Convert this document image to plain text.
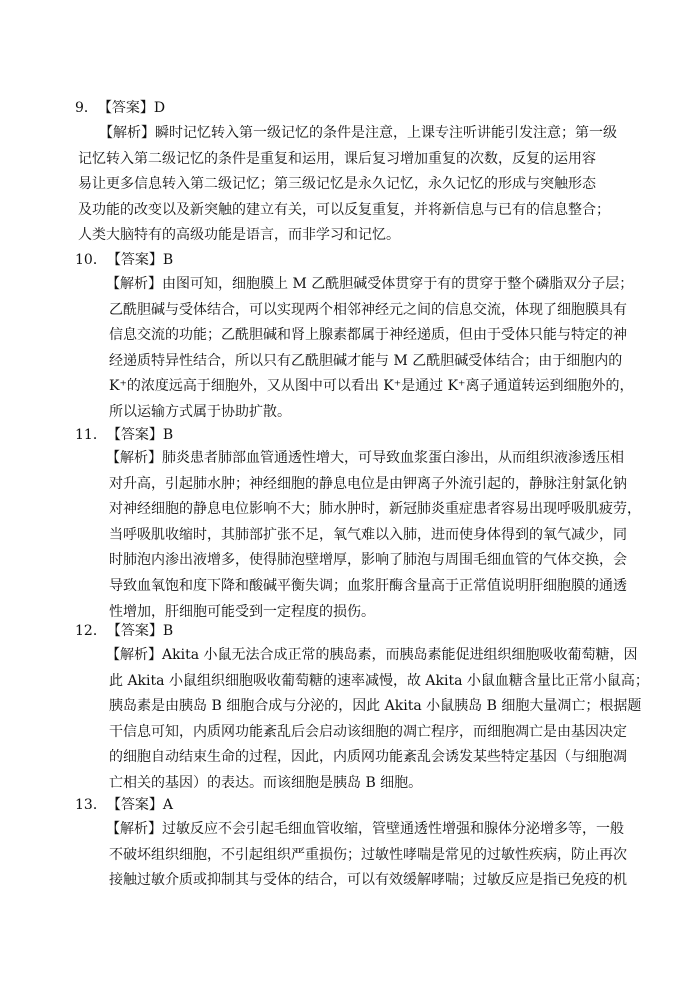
9．【答案】D
【解析】瞬时记忆转入第一级记忆的条件是注意，上课专注听讲能引发注意；第一级
记忆转入第二级记忆的条件是重复和运用，课后复习增加重复的次数，反复的运用容
易让更多信息转入第二级记忆；第三级记忆是永久记忆，永久记忆的形成与突触形态
及功能的改变以及新突触的建立有关，可以反复重复，并将新信息与已有的信息整合；
人类大脑特有的高级功能是语言，而非学习和记忆。
10．【答案】B
【解析】由图可知，细胞膜上 M 乙酰胆碱受体贯穿于有的贯穿于整个磷脂双分子层；
乙酰胆碱与受体结合，可以实现两个相邻神经元之间的信息交流，体现了细胞膜具有
信息交流的功能；乙酰胆碱和肾上腺素都属于神经递质，但由于受体只能与特定的神
经递质特异性结合，所以只有乙酰胆碱才能与 M 乙酰胆碱受体结合；由于细胞内的
K⁺的浓度远高于细胞外，又从图中可以看出 K⁺是通过 K⁺离子通道转运到细胞外的，
所以运输方式属于协助扩散。
11．【答案】B
【解析】肺炎患者肺部血管通透性增大，可导致血浆蛋白渗出，从而组织液渗透压相
对升高，引起肺水肿；神经细胞的静息电位是由钾离子外流引起的，静脉注射氯化钠
对神经细胞的静息电位影响不大；肺水肿时，新冠肺炎重症患者容易出现呼吸肌疲劳，
当呼吸肌收缩时，其肺部扩张不足，氧气难以入肺，进而使身体得到的氧气减少，同
时肺泡内渗出液增多，使得肺泡壁增厚，影响了肺泡与周围毛细血管的气体交换，会
导致血氧饱和度下降和酸碱平衡失调；血浆肝酶含量高于正常值说明肝细胞膜的通透
性增加，肝细胞可能受到一定程度的损伤。
12．【答案】B
【解析】Akita 小鼠无法合成正常的胰岛素，而胰岛素能促进组织细胞吸收葡萄糖，因
此 Akita 小鼠组织细胞吸收葡萄糖的速率减慢，故 Akita 小鼠血糖含量比正常小鼠高；
胰岛素是由胰岛 B 细胞合成与分泌的，因此 Akita 小鼠胰岛 B 细胞大量凋亡；根据题
干信息可知，内质网功能紊乱后会启动该细胞的凋亡程序，而细胞凋亡是由基因决定
的细胞自动结束生命的过程，因此，内质网功能紊乱会诱发某些特定基因（与细胞凋
亡相关的基因）的表达。而该细胞是胰岛 B 细胞。
13．【答案】A
【解析】过敏反应不会引起毛细血管收缩，管壁通透性增强和腺体分泌增多等，一般
不破坏组织细胞，不引起组织严重损伤；过敏性哮喘是常见的过敏性疾病，防止再次
接触过敏介质或抑制其与受体的结合，可以有效缓解哮喘；过敏反应是指已免疫的机
